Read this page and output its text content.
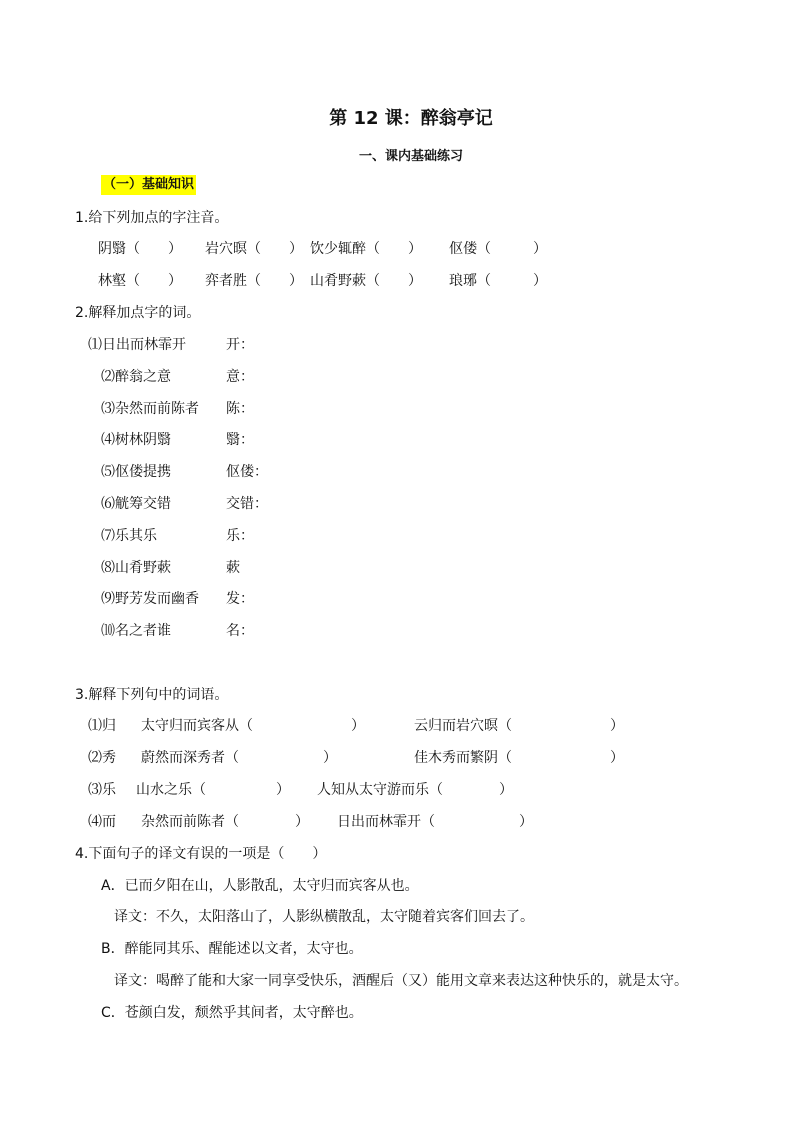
第 12 课：醉翁亭记
一、课内基础练习
（一）基础知识
1.给下列加点的字注音。
阴翳（　　） 岩穴暝（　　） 饮少辄醉（　　） 伛偻（　　　）
林壑（　　） 弈者胜（　　） 山肴野蔌（　　） 琅琊（　　　）
2.解释加点字的词。
⑴日出而林霏开	开：
⑵醉翁之意	意：
⑶杂然而前陈者 陈：
⑷树林阴翳	翳：
⑸伛偻提携	伛偻：
⑹觥筹交错	交错：
⑺乐其乐	乐：
⑻山肴野蔌	蔌
⑼野芳发而幽香 发：
⑽名之者谁	名：
3.解释下列句中的词语。
⑴归 太守归而宾客从（　　　　　　　）	云归而岩穴暝（　　　　　　　）
⑵秀 蔚然而深秀者（　　　　　　）	佳木秀而繁阴（　　　　　　　）
⑶乐 山水之乐（　　　　　） 人知从太守游而乐（　　　　）
⑷而 杂然而前陈者（　　　　） 日出而林霏开（　　　　　　）
4.下面句子的译文有误的一项是（　　）
A．已而夕阳在山，人影散乱，太守归而宾客从也。
译文：不久，太阳落山了，人影纵横散乱，太守随着宾客们回去了。
B．醉能同其乐、醒能述以文者，太守也。
译文：喝醉了能和大家一同享受快乐，酒醒后（又）能用文章来表达这种快乐的，就是太守。
C．苍颜白发，颓然乎其间者，太守醉也。
